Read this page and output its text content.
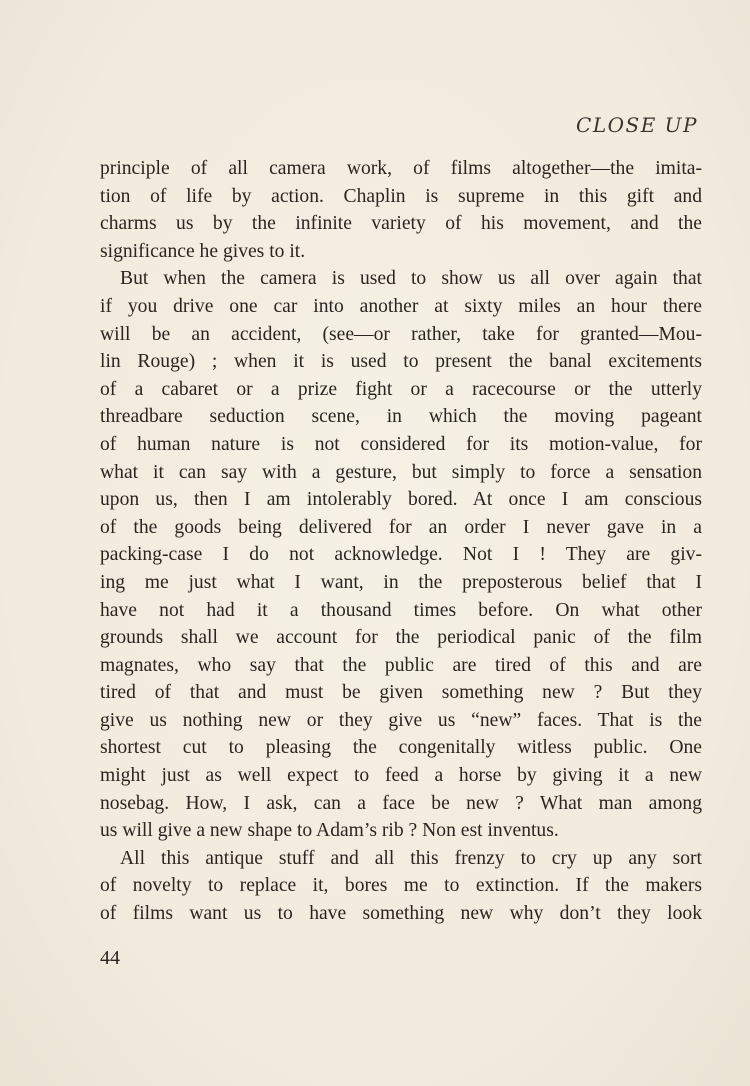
CLOSE UP
principle of all camera work, of films altogether—the imita-
tion of life by action. Chaplin is supreme in this gift and
charms us by the infinite variety of his movement, and the
significance he gives to it.
But when the camera is used to show us all over again that
if you drive one car into another at sixty miles an hour there
will be an accident, (see—or rather, take for granted—Mou-
lin Rouge) ; when it is used to present the banal excitements
of a cabaret or a prize fight or a racecourse or the utterly
threadbare seduction scene, in which the moving pageant
of human nature is not considered for its motion-value, for
what it can say with a gesture, but simply to force a sensation
upon us, then I am intolerably bored. At once I am conscious
of the goods being delivered for an order I never gave in a
packing-case I do not acknowledge. Not I ! They are giv-
ing me just what I want, in the preposterous belief that I
have not had it a thousand times before. On what other
grounds shall we account for the periodical panic of the film
magnates, who say that the public are tired of this and are
tired of that and must be given something new ? But they
give us nothing new or they give us “new” faces. That is the
shortest cut to pleasing the congenitally witless public. One
might just as well expect to feed a horse by giving it a new
nosebag. How, I ask, can a face be new ? What man among
us will give a new shape to Adam’s rib ? Non est inventus.
All this antique stuff and all this frenzy to cry up any sort
of novelty to replace it, bores me to extinction. If the makers
of films want us to have something new why don’t they look
44
